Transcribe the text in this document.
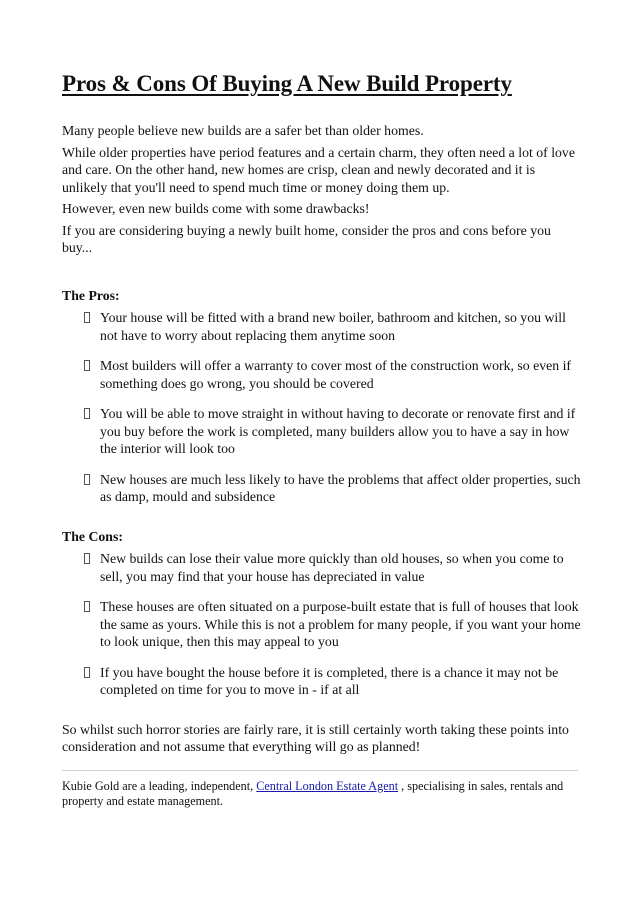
Pros & Cons Of Buying A New Build Property

Many people believe new builds are a safer bet than older homes.

While older properties have period features and a certain charm, they often need a lot of love and care. On the other hand, new homes are crisp, clean and newly decorated and it is unlikely that you'll need to spend much time or money doing them up.

However, even new builds come with some drawbacks!

If you are considering buying a newly built home, consider the pros and cons before you buy...

The Pros:
Your house will be fitted with a brand new boiler, bathroom and kitchen, so you will not have to worry about replacing them anytime soon
Most builders will offer a warranty to cover most of the construction work, so even if something does go wrong, you should be covered
You will be able to move straight in without having to decorate or renovate first and if you buy before the work is completed, many builders allow you to have a say in how the interior will look too
New houses are much less likely to have the problems that affect older properties, such as damp, mould and subsidence
The Cons:
New builds can lose their value more quickly than old houses, so when you come to sell, you may find that your house has depreciated in value
These houses are often situated on a purpose-built estate that is full of houses that look the same as yours. While this is not a problem for many people, if you want your home to look unique, then this may appeal to you
If you have bought the house before it is completed, there is a chance it may not be completed on time for you to move in - if at all

So whilst such horror stories are fairly rare, it is still certainly worth taking these points into consideration and not assume that everything will go as planned!

Kubie Gold are a leading, independent, Central London Estate Agent , specialising in sales, rentals and property and estate management.
